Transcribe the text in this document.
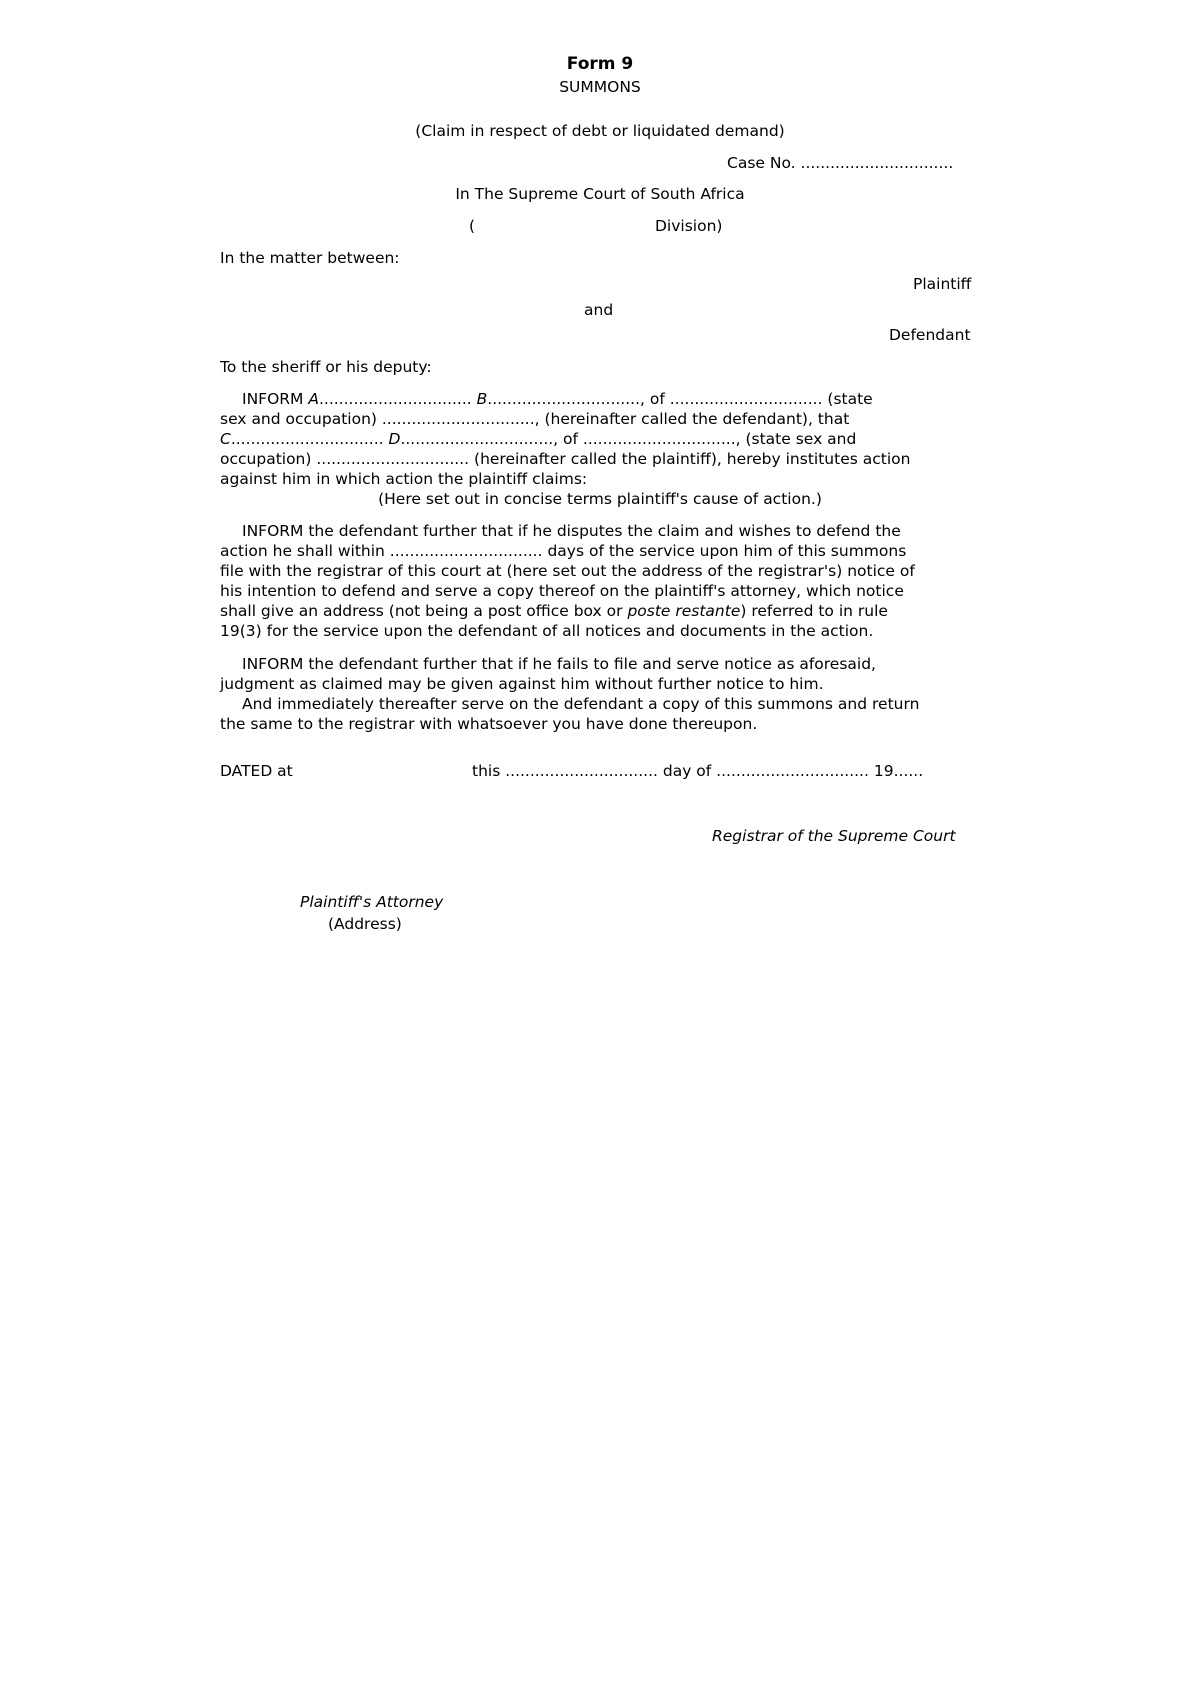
Form 9
SUMMONS
(Claim in respect of debt or liquidated demand)
Case No. ...............................
In The Supreme Court of South Africa
(	Division)
In the matter between:
Plaintiff
and
Defendant
To the sheriff or his deputy:

INFORM A............................... B..............................., of ............................... (state

sex and occupation) ..............................., (hereinafter called the defendant), that

C............................... D..............................., of ..............................., (state sex and

occupation) ............................... (hereinafter called the plaintiff), hereby institutes action

against him in which action the plaintiff claims:

(Here set out in concise terms plaintiff's cause of action.)

INFORM the defendant further that if he disputes the claim and wishes to defend the

action he shall within ............................... days of the service upon him of this summons

file with the registrar of this court at (here set out the address of the registrar's) notice of

his intention to defend and serve a copy thereof on the plaintiff's attorney, which notice

shall give an address (not being a post office box or poste restante) referred to in rule

19(3) for the service upon the defendant of all notices and documents in the action.

INFORM the defendant further that if he fails to file and serve notice as aforesaid,

judgment as claimed may be given against him without further notice to him.

And immediately thereafter serve on the defendant a copy of this summons and return

the same to the registrar with whatsoever you have done thereupon.

DATED at	this ............................... day of ............................... 19......
Registrar of the Supreme Court
Plaintiff's Attorney
(Address)
